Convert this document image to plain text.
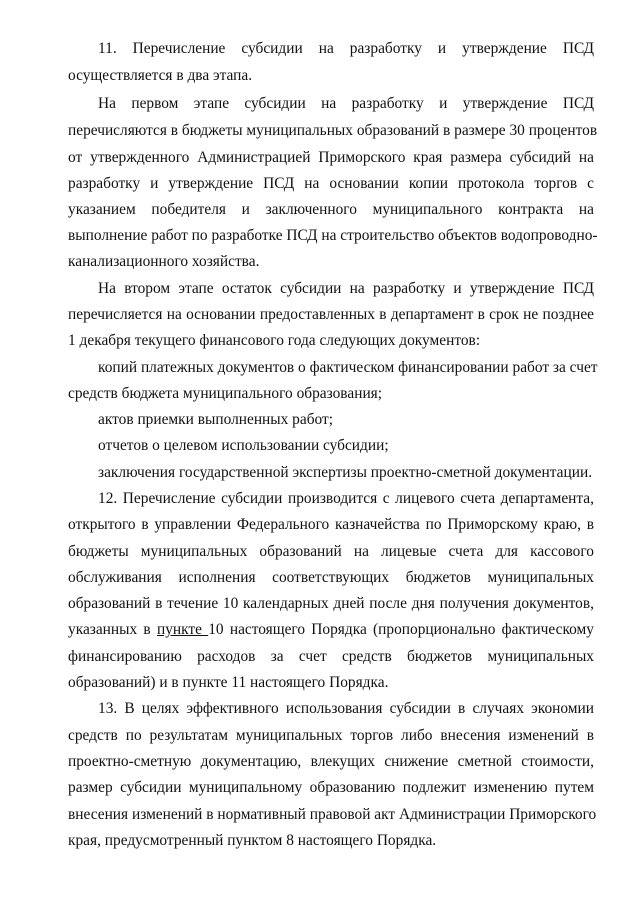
11. Перечисление субсидии на разработку и утверждение ПСД
осуществляется в два этапа.
На первом этапе субсидии на разработку и утверждение ПСД
перечисляются в бюджеты муниципальных образований в размере 30 процентов
от утвержденного Администрацией Приморского края размера субсидий на
разработку и утверждение ПСД на основании копии протокола торгов с
указанием победителя и заключенного муниципального контракта на
выполнение работ по разработке ПСД на строительство объектов водопроводно-
канализационного хозяйства.
На втором этапе остаток субсидии на разработку и утверждение ПСД
перечисляется на основании предоставленных в департамент в срок не позднее
1 декабря текущего финансового года следующих документов:
копий платежных документов о фактическом финансировании работ за счет
средств бюджета муниципального образования;
актов приемки выполненных работ;
отчетов о целевом использовании субсидии;
заключения государственной экспертизы проектно-сметной документации.
12. Перечисление субсидии производится с лицевого счета департамента,
открытого в управлении Федерального казначейства по Приморскому краю, в
бюджеты муниципальных образований на лицевые счета для кассового
обслуживания исполнения соответствующих бюджетов муниципальных
образований в течение 10 календарных дней после дня получения документов,
указанных в пункте 10 настоящего Порядка (пропорционально фактическому
финансированию расходов за счет средств бюджетов муниципальных
образований) и в пункте 11 настоящего Порядка.
13. В целях эффективного использования субсидии в случаях экономии
средств по результатам муниципальных торгов либо внесения изменений в
проектно-сметную документацию, влекущих снижение сметной стоимости,
размер субсидии муниципальному образованию подлежит изменению путем
внесения изменений в нормативный правовой акт Администрации Приморского
края, предусмотренный пунктом 8 настоящего Порядка.
